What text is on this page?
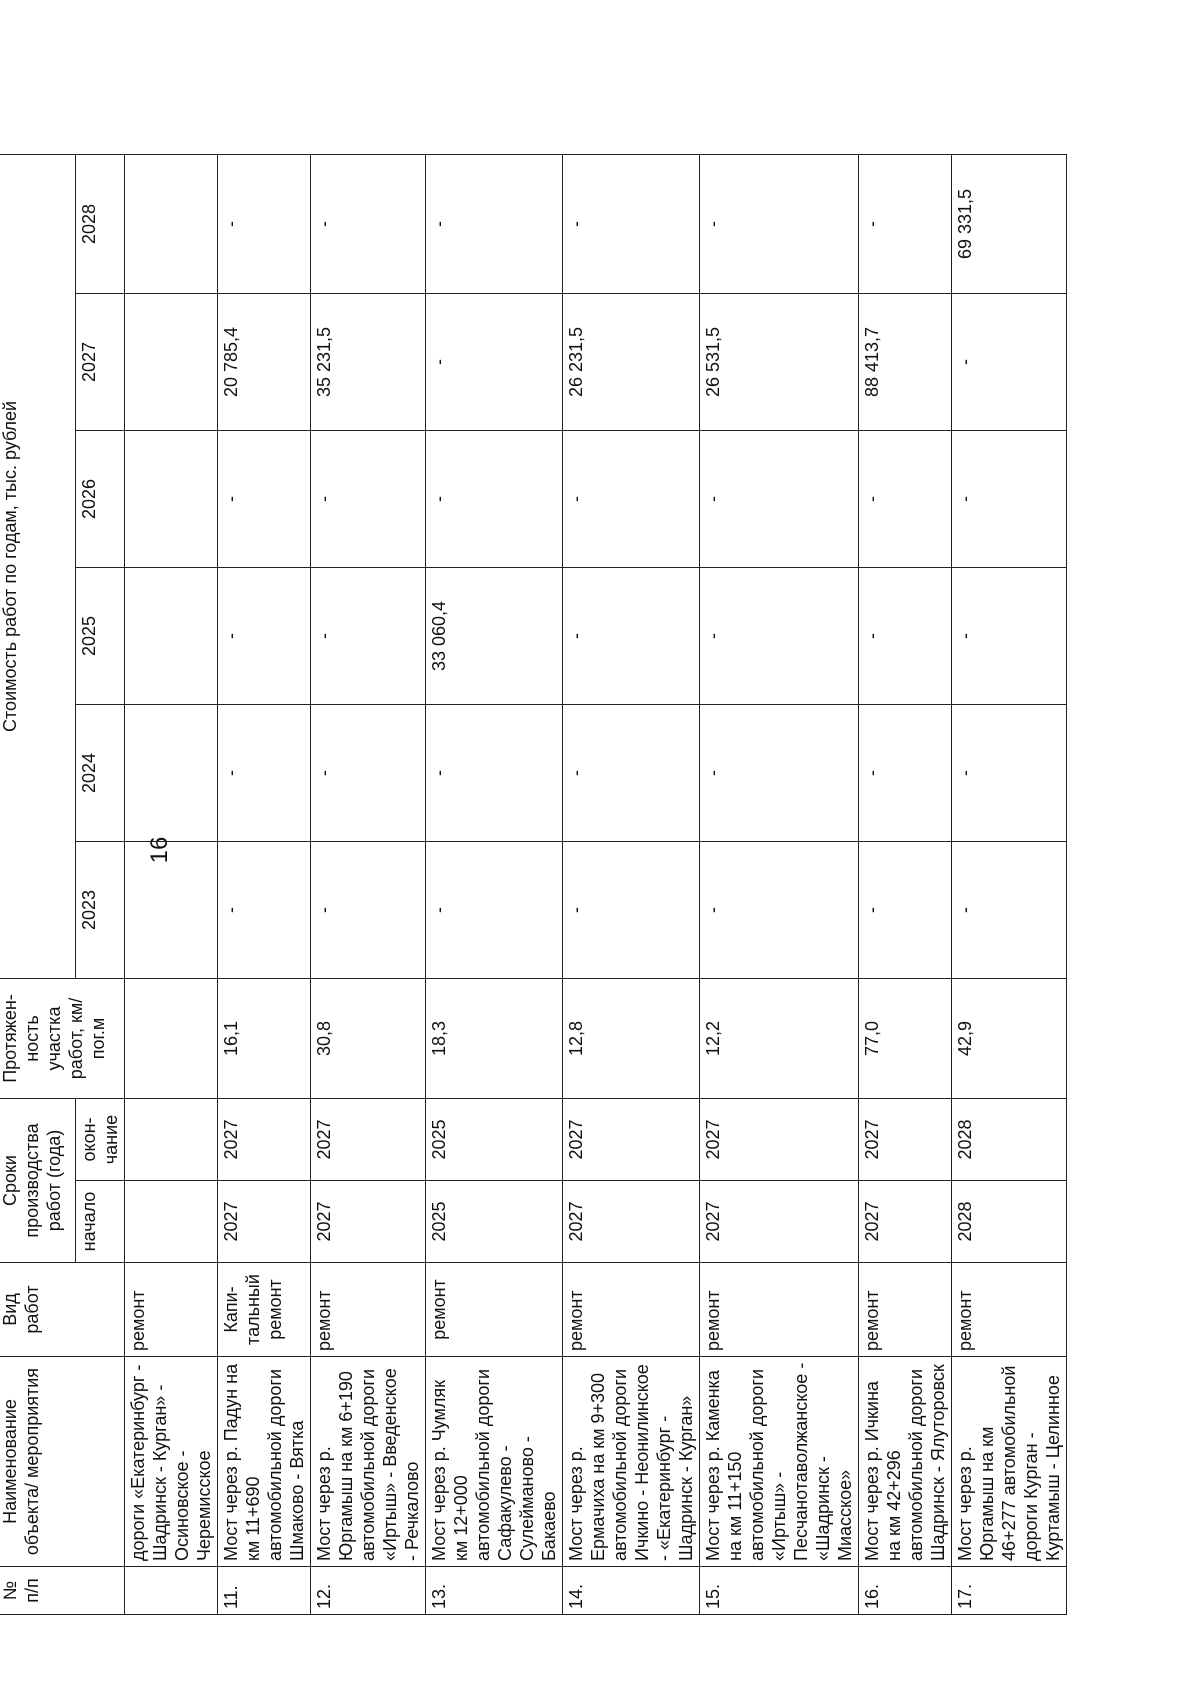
16
№ п/п	Наименование объекта/ мероприятия	Вид работ	Сроки производства работ (года)		Протяжен-ность участка работ, км/ пог.м	Стоимость работ по годам, тыс. рублей					
			начало	окон-чание		2023	2024	2025	2026	2027	2028

	дороги «Екатеринбург - Шадринск - Курган» - Осиновское - Черемисское	ремонт									
11.	Мост через р. Падун на км 11+690 автомобильной дороги Шмаково - Вятка	Капи-тальный ремонт	2027	2027	16,1	-	-	-	-	20 785,4	-
12.	Мост через р. Юргамыш на км 6+190 автомобильной дороги «Иртыш» - Введенское - Речкалово	ремонт	2027	2027	30,8	-	-	-	-	35 231,5	-
13.	Мост через р. Чумляк км 12+000 автомобильной дороги Сафакулево - Сулейманово - Бакаево	ремонт	2025	2025	18,3	-	-	33 060,4	-	-	-
14.	Мост через р. Ермачиха на км 9+300 автомобильной дороги Ичкино - Неонилинское - «Екатеринбург - Шадринск - Курган»	ремонт	2027	2027	12,8	-	-	-	-	26 231,5	-
15.	Мост через р. Каменка на км 11+150 автомобильной дороги «Иртыш» - Песчанотаволжанское - «Шадринск - Миасское»	ремонт	2027	2027	12,2	-	-	-	-	26 531,5	-
16.	Мост через р. Ичкина на км 42+296 автомобильной дороги Шадринск - Ялуторовск	ремонт	2027	2027	77,0	-	-	-	-	88 413,7	-
17.	Мост через р. Юргамыш на км 46+277 автомобильной дороги Курган - Куртамыш - Целинное	ремонт	2028	2028	42,9	-	-	-	-	-	69 331,5
